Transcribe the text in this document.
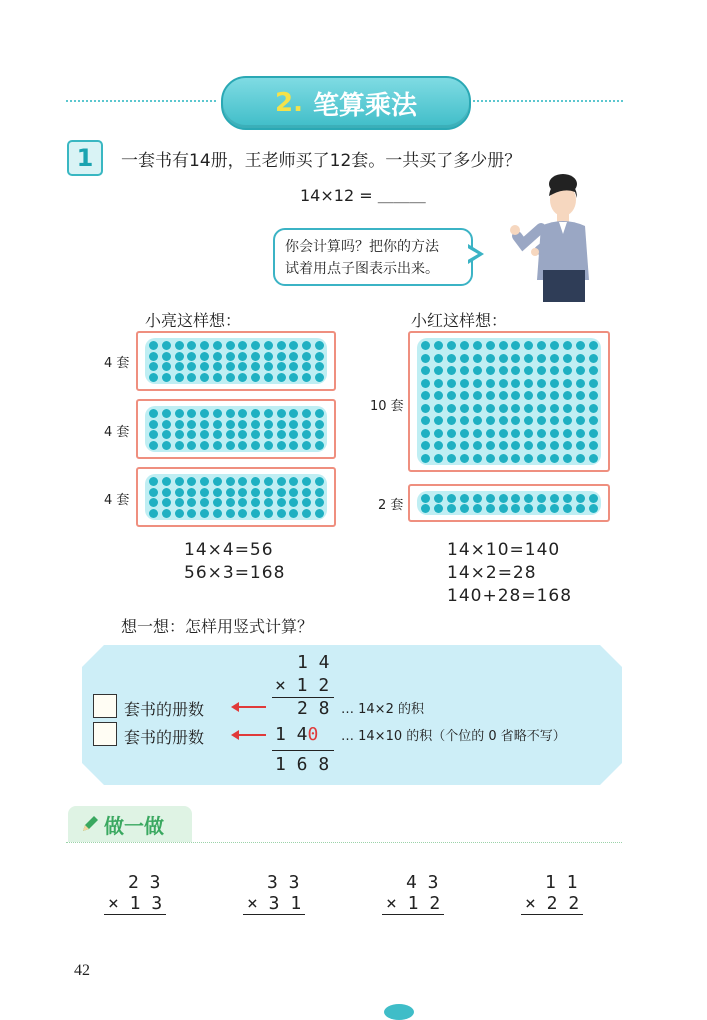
2. 笔算乘法
1	一套书有14册，王老师买了12套。一共买了多少册？
14×12 = ＿＿＿
你会计算吗？把你的方法
试着用点子图表示出来。
小亮这样想：
4 套
4 套
4 套
14×4=56
56×3=168
小红这样想：
10 套
2 套
14×10=140
14×2=28
140+28=168
想一想：怎样用竖式计算？
1 4
× 1 2
2 8
1 40
1 6 8
套书的册数
套书的册数
… 14×2 的积
… 14×10 的积（个位的 0 省略不写）
做一做
2 3
× 1 3
3 3
× 3 1
4 3
× 1 2
1 1
× 2 2
42
